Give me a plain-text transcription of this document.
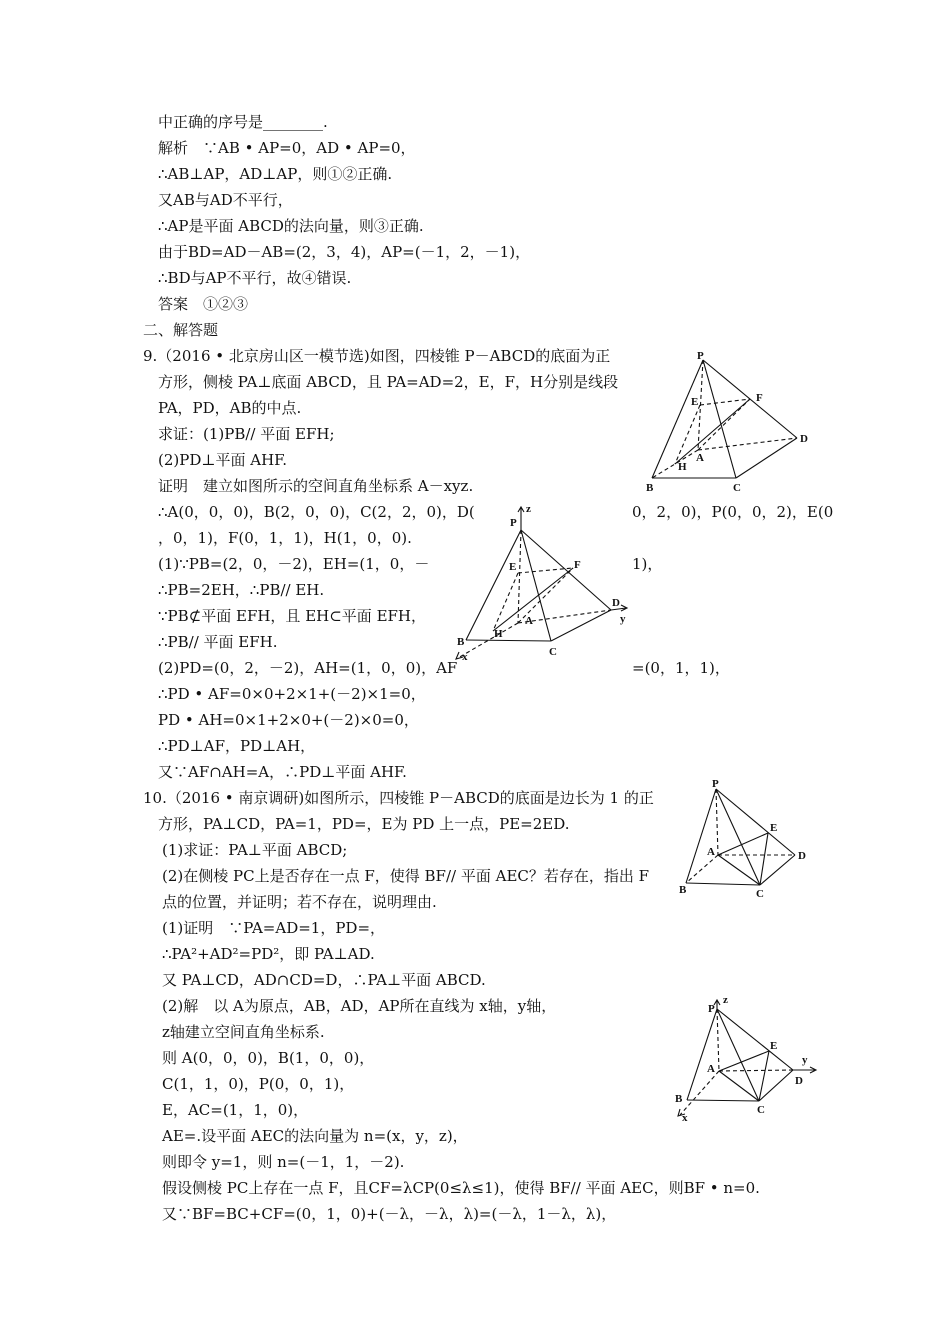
中正确的序号是________.
解析　∵AB • AP=0，AD • AP=0，
∴AB⊥AP，AD⊥AP，则①②正确.
又AB与AD不平行，
∴AP是平面 ABCD的法向量，则③正确.
由于BD=AD－AB=(2，3，4)，AP=(－1，2，－1)，
∴BD与AP不平行，故④错误.
答案　①②③
二、解答题
9.（2016 • 北京房山区一模节选)如图，四棱锥 P－ABCD的底面为正
方形，侧棱 PA⊥底面 ABCD，且 PA=AD=2，E，F，H分别是线段
PA，PD，AB的中点.
求证：(1)PB// 平面 EFH;
(2)PD⊥平面 AHF.
证明　建立如图所示的空间直角坐标系 A－xyz.
∴A(0，0，0)，B(2，0，0)，C(2，2，0)，D(	0，2，0)，P(0，0，2)，E(0
，0，1)，F(0，1，1)，H(1，0，0).
(1)∵PB=(2，0，－2)，EH=(1，0，－	1)，
∴PB=2EH，∴PB// EH.
∵PB⊄平面 EFH，且 EH⊂平面 EFH，
∴PB// 平面 EFH.
(2)PD=(0，2，－2)，AH=(1，0，0)，AF	=(0，1，1)，
∴PD • AF=0×0+2×1+(－2)×1=0，
PD • AH=0×1+2×0+(－2)×0=0，
∴PD⊥AF，PD⊥AH，
又∵AF∩AH=A，∴PD⊥平面 AHF.
10.（2016 • 南京调研)如图所示，四棱锥 P－ABCD的底面是边长为 1 的正
方形，PA⊥CD，PA=1，PD=，E为 PD 上一点，PE=2ED.
(1)求证：PA⊥平面 ABCD;
(2)在侧棱 PC上是否存在一点 F，使得 BF// 平面 AEC？若存在，指出 F
点的位置，并证明；若不存在，说明理由.
(1)证明　∵PA=AD=1，PD=，
∴PA²+AD²=PD²，即 PA⊥AD.
又 PA⊥CD，AD∩CD=D，∴PA⊥平面 ABCD.
(2)解　以 A为原点，AB，AD，AP所在直线为 x轴，y轴，
z轴建立空间直角坐标系.
则 A(0，0，0)，B(1，0，0)，
C(1，1，0)，P(0，0，1)，
E，AC=(1，1，0)，
AE=.设平面 AEC的法向量为 n=(x，y，z)，
则即令 y=1，则 n=(－1，1，－2).
假设侧棱 PC上存在一点 F，且CF=λCP(0≤λ≤1)，使得 BF// 平面 AEC，则BF • n=0.
又∵BF=BC+CF=(0，1，0)+(－λ，－λ，λ)=(－λ，1－λ，λ)，
P
E	F
D
A
H
B	C
P
z
E	F
D
y
A
B
H
C
x
P
E
A	D
B	C
P
z
E
y
A
D
B
x
C
